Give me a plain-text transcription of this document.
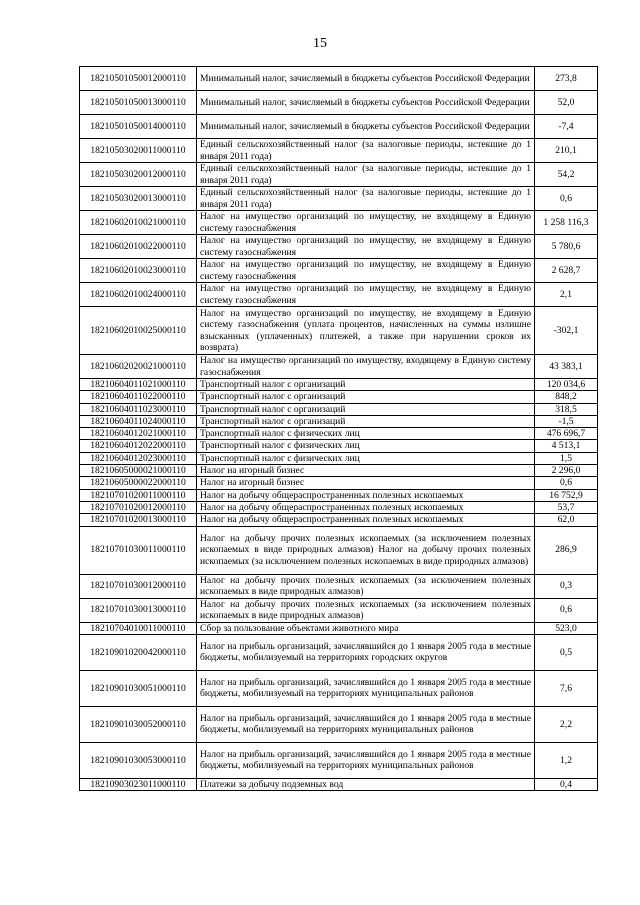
15
18210501050012000110	Минимальный налог, зачисляемый в бюджеты субъектов Российской Федерации	273,8
18210501050013000110	Минимальный налог, зачисляемый в бюджеты субъектов Российской Федерации	52,0
18210501050014000110	Минимальный налог, зачисляемый в бюджеты субъектов Российской Федерации	-7,4
18210503020011000110	Единый сельскохозяйственный налог (за налоговые периоды, истекшие до 1 января 2011 года)	210,1
18210503020012000110	Единый сельскохозяйственный налог (за налоговые периоды, истекшие до 1 января 2011 года)	54,2
18210503020013000110	Единый сельскохозяйственный налог (за налоговые периоды, истекшие до 1 января 2011 года)	0,6
18210602010021000110	Налог на имущество организаций по имуществу, не входящему в Единую систему газоснабжения	1 258 116,3
18210602010022000110	Налог на имущество организаций по имуществу, не входящему в Единую систему газоснабжения	5 780,6
18210602010023000110	Налог на имущество организаций по имуществу, не входящему в Единую систему газоснабжения	2 628,7
18210602010024000110	Налог на имущество организаций по имуществу, не входящему в Единую систему газоснабжения	2,1
18210602010025000110	Налог на имущество организаций по имуществу, не входящему в Единую систему газоснабжения (уплата процентов, начисленных на суммы излишне взысканных (уплаченных) платежей, а также при нарушении сроков их возврата)	-302,1
18210602020021000110	Налог на имущество организаций по имуществу, входящему в Единую систему газоснабжения	43 383,1
18210604011021000110	Транспортный налог с организаций	120 034,6
18210604011022000110	Транспортный налог с организаций	848,2
18210604011023000110	Транспортный налог с организаций	318,5
18210604011024000110	Транспортный налог с организаций	-1,5
18210604012021000110	Транспортный налог с физических лиц	476 696,7
18210604012022000110	Транспортный налог с физических лиц	4 513,1
18210604012023000110	Транспортный налог с физических лиц	1,5
18210605000021000110	Налог на игорный бизнес	2 296,0
18210605000022000110	Налог на игорный бизнес	0,6
18210701020011000110	Налог на добычу общераспространенных полезных ископаемых	16 752,9
18210701020012000110	Налог на добычу общераспространенных полезных ископаемых	53,7
18210701020013000110	Налог на добычу общераспространенных полезных ископаемых	62,0
18210701030011000110	Налог на добычу прочих полезных ископаемых (за исключением полезных ископаемых в виде природных алмазов) Налог на добычу прочих полезных ископаемых (за исключением полезных ископаемых в виде природных алмазов)	286,9
18210701030012000110	Налог на добычу прочих полезных ископаемых (за исключением полезных ископаемых в виде природных алмазов)	0,3
18210701030013000110	Налог на добычу прочих полезных ископаемых (за исключением полезных ископаемых в виде природных алмазов)	0,6
18210704010011000110	Сбор за пользование объектами животного мира	523,0
18210901020042000110	Налог на прибыль организаций, зачислявшийся до 1 января 2005 года в местные бюджеты, мобилизуемый на территориях городских округов	0,5
18210901030051000110	Налог на прибыль организаций, зачислявшийся до 1 января 2005 года в местные бюджеты, мобилизуемый на территориях муниципальных районов	7,6
18210901030052000110	Налог на прибыль организаций, зачислявшийся до 1 января 2005 года в местные бюджеты, мобилизуемый на территориях муниципальных районов	2,2
18210901030053000110	Налог на прибыль организаций, зачислявшийся до 1 января 2005 года в местные бюджеты, мобилизуемый на территориях муниципальных районов	1,2
18210903023011000110	Платежи за добычу подземных вод	0,4
